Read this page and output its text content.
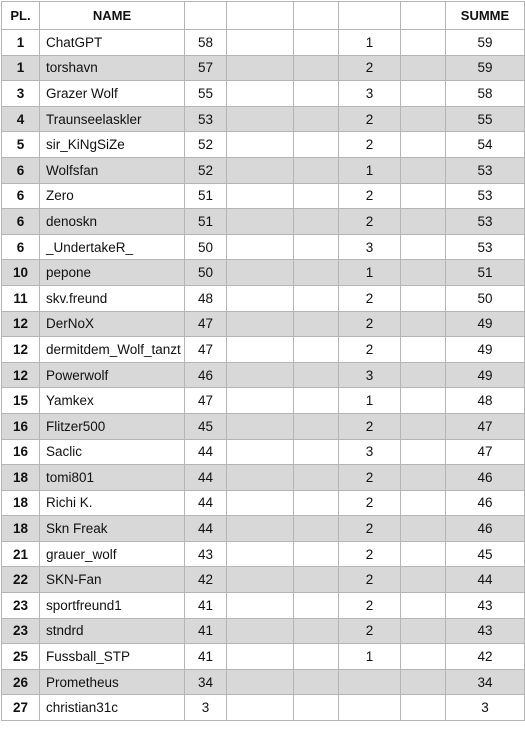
PL.	NAME						SUMME
1	ChatGPT	58			1		59
1	torshavn	57			2		59
3	Grazer Wolf	55			3		58
4	Traunseelaskler	53			2		55
5	sir_KiNgSiZe	52			2		54
6	Wolfsfan	52			1		53
6	Zero	51			2		53
6	denoskn	51			2		53
6	_UndertakeR_	50			3		53
10	pepone	50			1		51
11	skv.freund	48			2		50
12	DerNoX	47			2		49
12	dermitdem_Wolf_tanzt	47			2		49
12	Powerwolf	46			3		49
15	Yamkex	47			1		48
16	Flitzer500	45			2		47
16	Saclic	44			3		47
18	tomi801	44			2		46
18	Richi K.	44			2		46
18	Skn Freak	44			2		46
21	grauer_wolf	43			2		45
22	SKN-Fan	42			2		44
23	sportfreund1	41			2		43
23	stndrd	41			2		43
25	Fussball_STP	41			1		42
26	Prometheus	34					34
27	christian31c	3					3
